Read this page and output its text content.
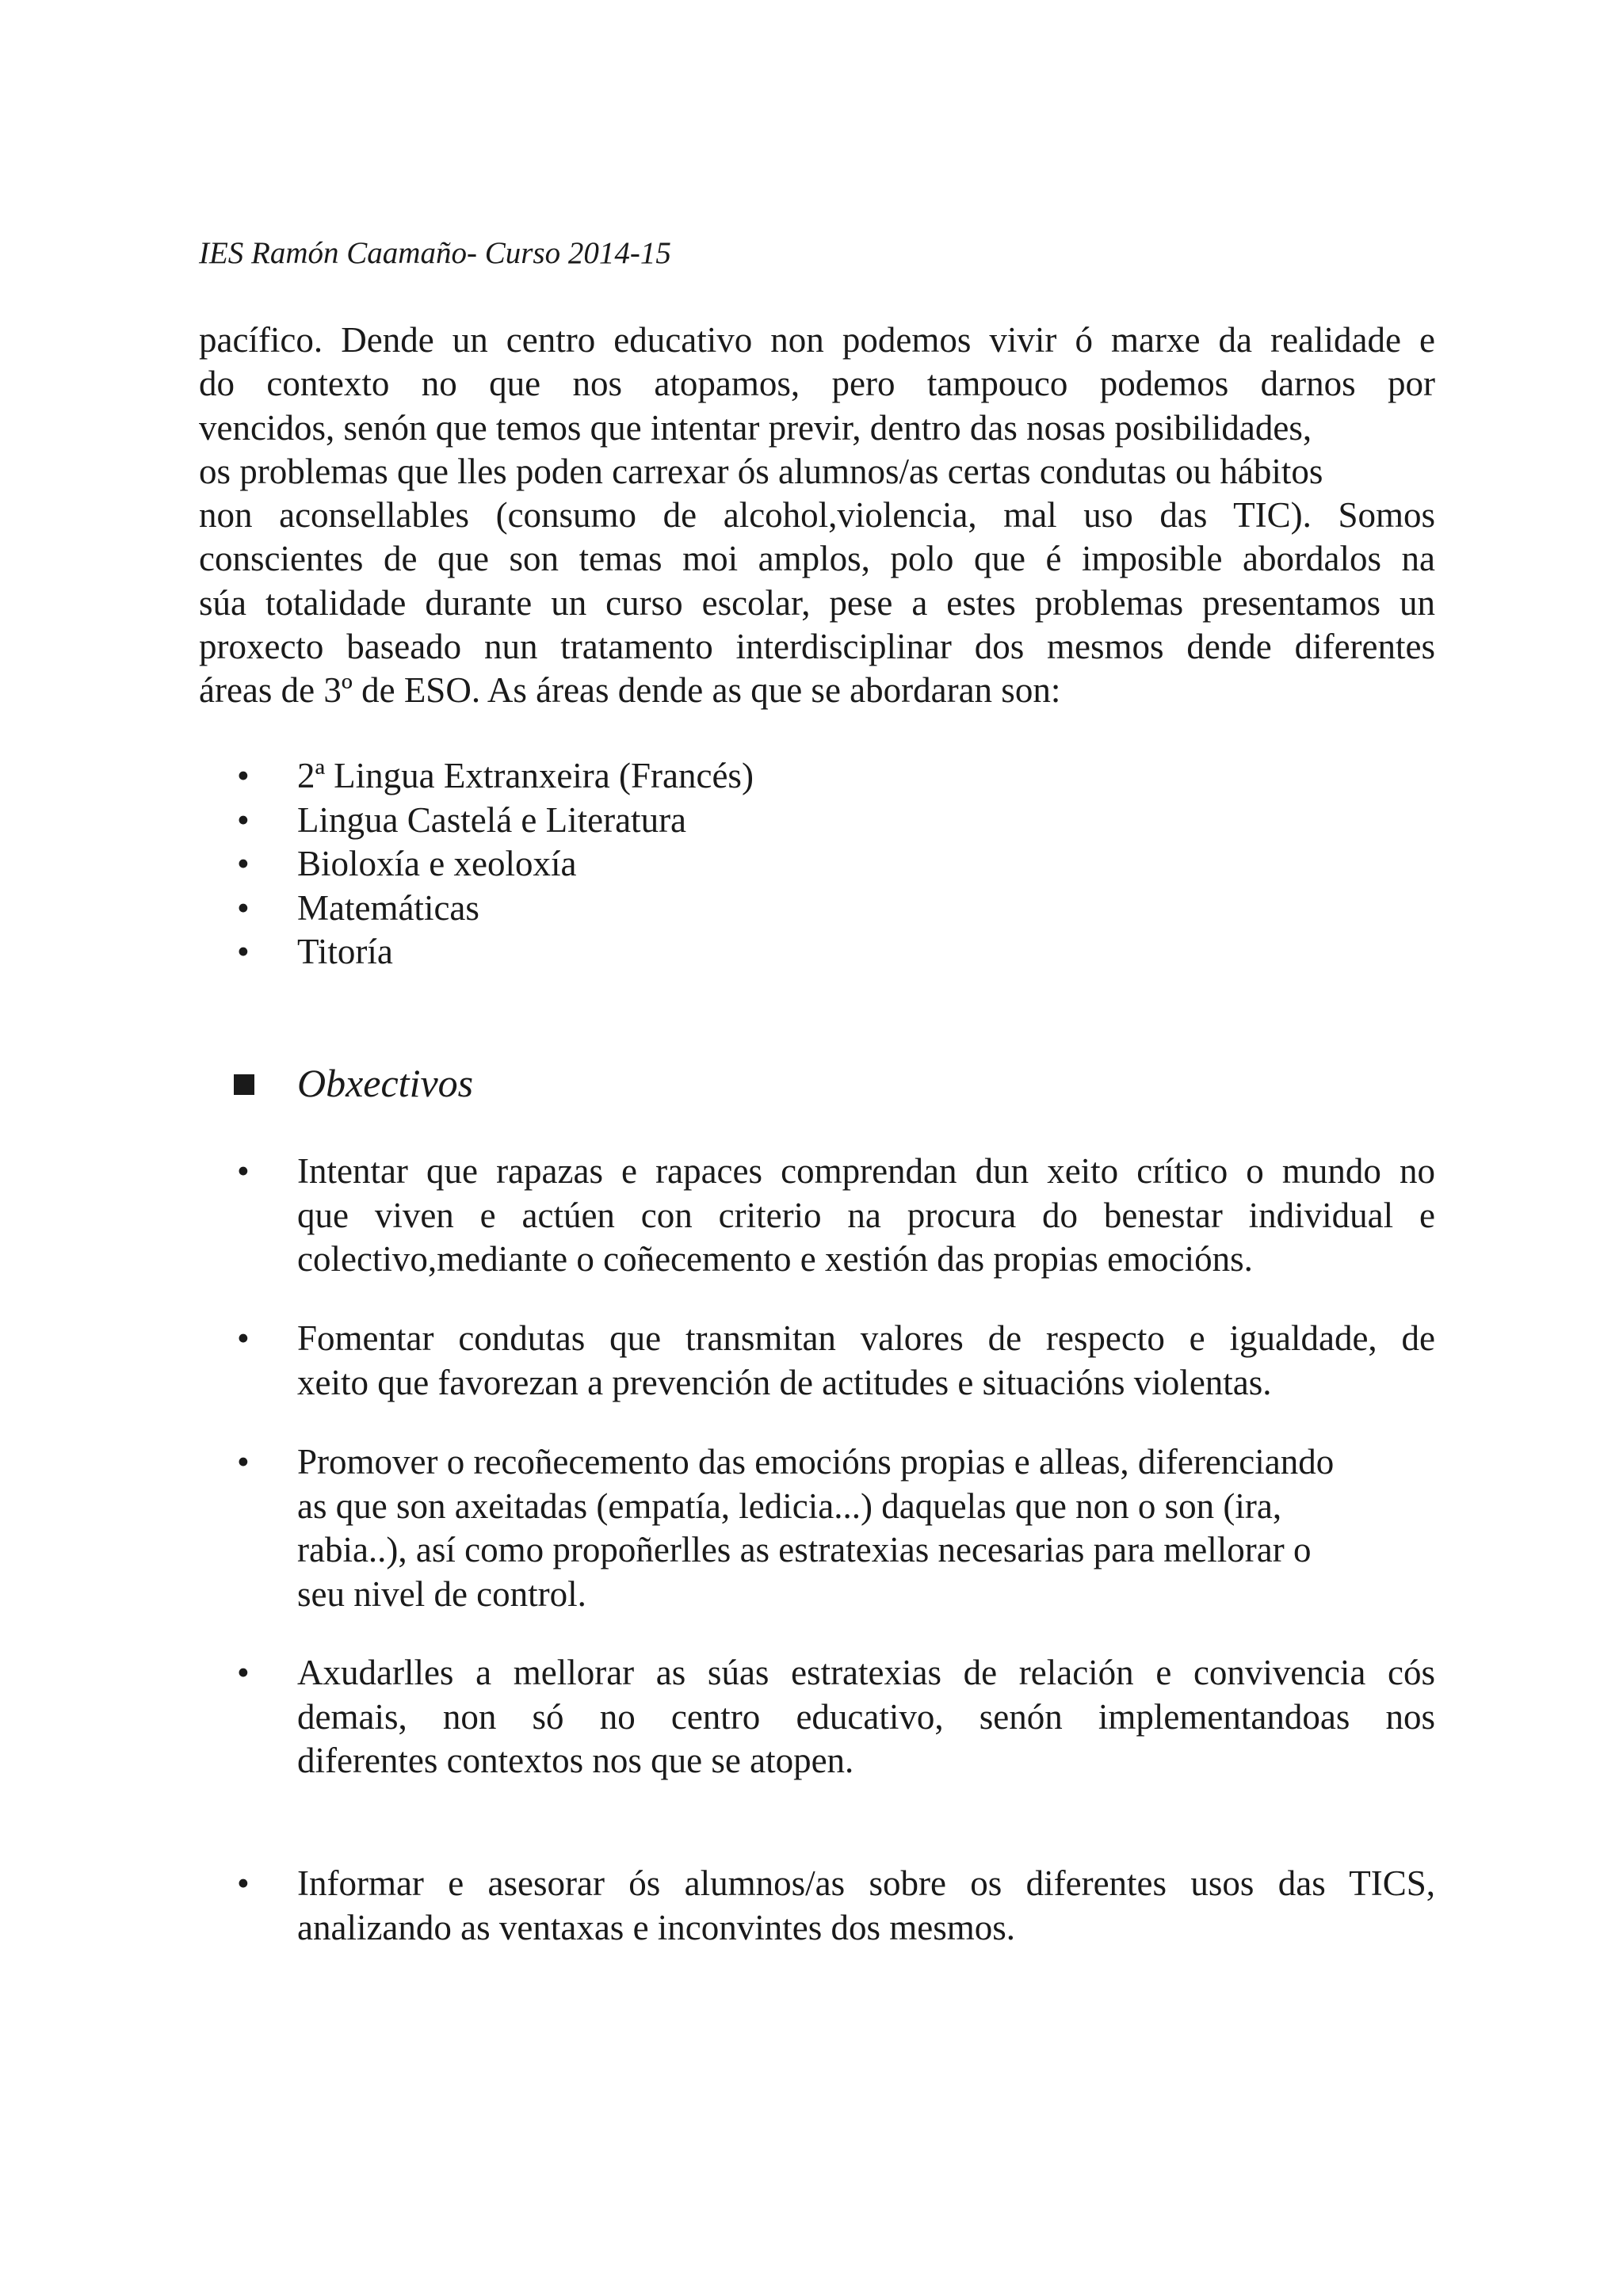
IES Ramón Caamaño- Curso 2014-15

pacífico. Dende un centro educativo non podemos vivir ó marxe da realidade e
do contexto no que nos atopamos, pero tampouco podemos darnos por
vencidos, senón que temos que intentar previr, dentro das nosas posibilidades,
os problemas que lles poden carrexar ós alumnos/as certas condutas ou hábitos
non aconsellables (consumo de alcohol,violencia, mal uso das TIC). Somos
conscientes de que son temas moi amplos, polo que é imposible abordalos na
súa totalidade durante un curso escolar, pese a estes problemas presentamos un
proxecto baseado nun tratamento interdisciplinar dos mesmos dende diferentes
áreas de 3º de ESO. As áreas dende as que se abordaran son:

• 2ª Lingua Extranxeira (Francés)
• Lingua Castelá e Literatura
• Bioloxía e xeoloxía
• Matemáticas
• Titoría
Obxectivos
• Intentar que rapazas e rapaces comprendan dun xeito crítico o mundo no
que viven e actúen con criterio na procura do benestar individual e
colectivo,mediante o coñecemento e xestión das propias emocións.
• Fomentar condutas que transmitan valores de respecto e igualdade, de
xeito que favorezan a prevención de actitudes e situacións violentas.
• Promover o recoñecemento das emocións propias e alleas, diferenciando
as que son axeitadas (empatía, ledicia...) daquelas que non o son (ira,
rabia..), así como propoñerlles as estratexias necesarias para mellorar o
seu nivel de control.
• Axudarlles a mellorar as súas estratexias de relación e convivencia cós
demais, non só no centro educativo, senón implementandoas nos
diferentes contextos nos que se atopen.
• Informar e asesorar ós alumnos/as sobre os diferentes usos das TICS,
analizando as ventaxas e inconvintes dos mesmos.
